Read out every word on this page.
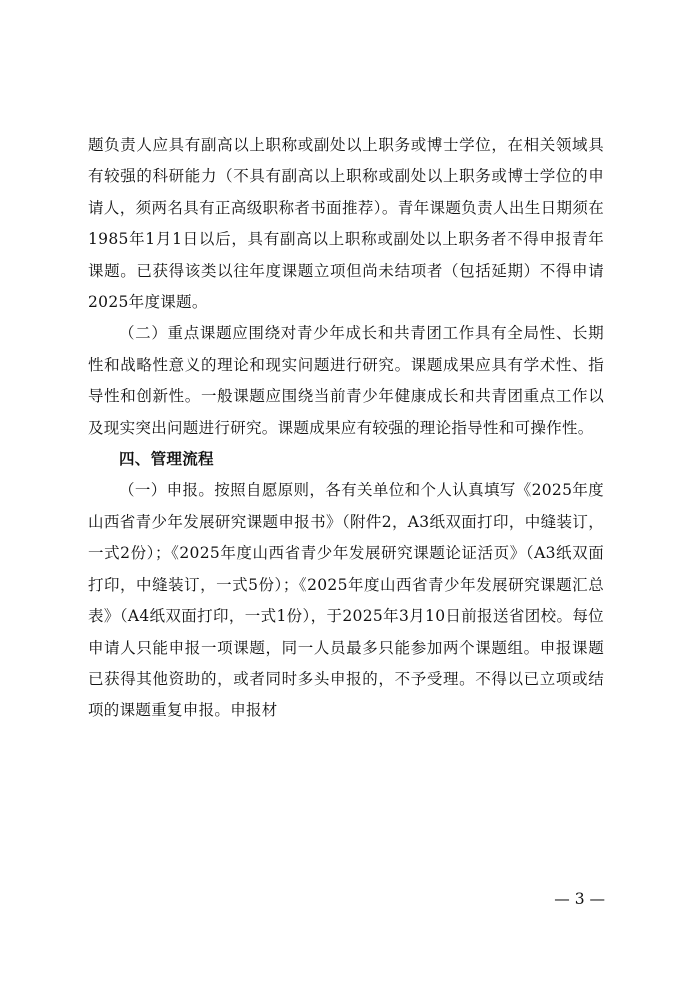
题负责人应具有副高以上职称或副处以上职务或博士学位，在相关领域具有较强的科研能力（不具有副高以上职称或副处以上职务或博士学位的申请人，须两名具有正高级职称者书面推荐）。青年课题负责人出生日期须在1985年1月1日以后，具有副高以上职称或副处以上职务者不得申报青年课题。已获得该类以往年度课题立项但尚未结项者（包括延期）不得申请2025年度课题。

（二）重点课题应围绕对青少年成长和共青团工作具有全局性、长期性和战略性意义的理论和现实问题进行研究。课题成果应具有学术性、指导性和创新性。一般课题应围绕当前青少年健康成长和共青团重点工作以及现实突出问题进行研究。课题成果应有较强的理论指导性和可操作性。

四、管理流程

（一）申报。按照自愿原则，各有关单位和个人认真填写《2025年度山西省青少年发展研究课题申报书》（附件2，A3纸双面打印，中缝装订，一式2份）；《2025年度山西省青少年发展研究课题论证活页》（A3纸双面打印，中缝装订，一式5份）；《2025年度山西省青少年发展研究课题汇总表》（A4纸双面打印，一式1份），于2025年3月10日前报送省团校。每位申请人只能申报一项课题，同一人员最多只能参加两个课题组。申报课题已获得其他资助的，或者同时多头申报的，不予受理。不得以已立项或结项的课题重复申报。申报材

— 3 —
